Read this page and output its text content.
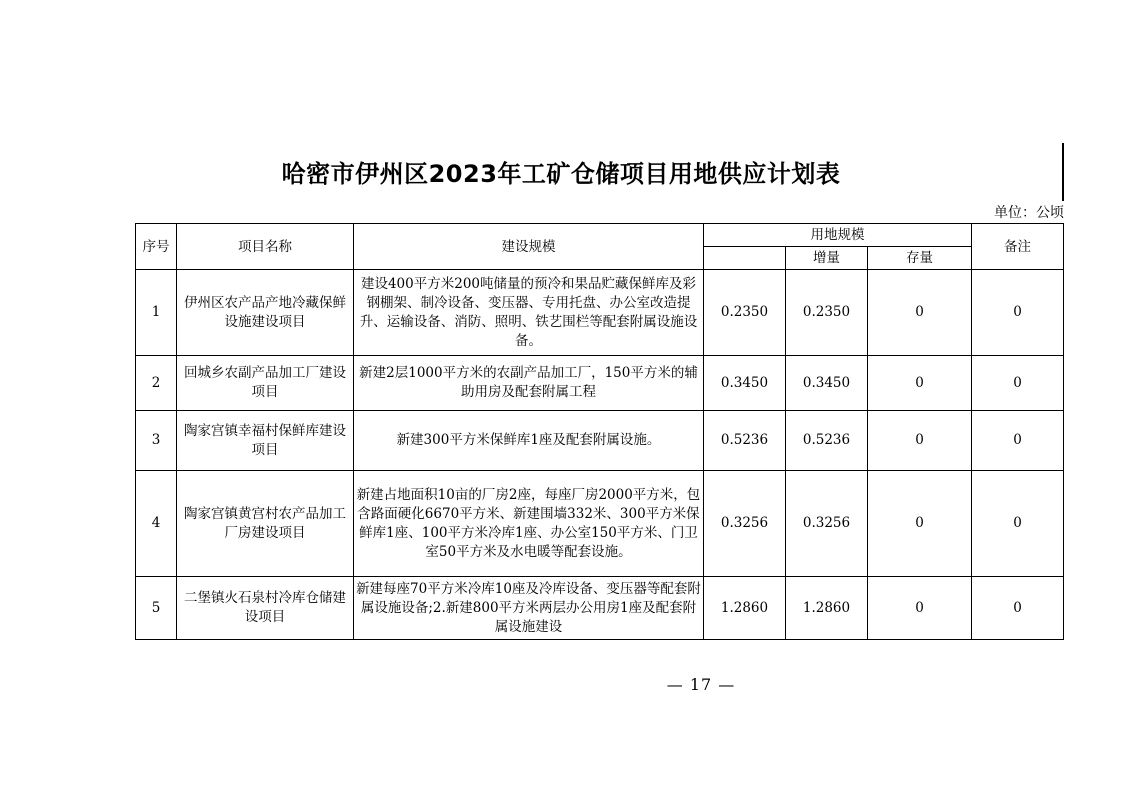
哈密市伊州区2023年工矿仓储项目用地供应计划表
单位：公顷
序号	项目名称	建设规模	用地规模			备注
				增量	存量	
1	伊州区农产品产地冷藏保鲜设施建设项目	建设400平方米200吨储量的预冷和果品贮藏保鲜库及彩钢棚架、制冷设备、变压器、专用托盘、办公室改造提升、运输设备、消防、照明、铁艺围栏等配套附属设施设备。	0.2350	0.2350	0	0
2	回城乡农副产品加工厂建设项目	新建2层1000平方米的农副产品加工厂，150平方米的辅助用房及配套附属工程	0.3450	0.3450	0	0
3	陶家宫镇幸福村保鲜库建设项目	新建300平方米保鲜库1座及配套附属设施。	0.5236	0.5236	0	0
4	陶家宫镇黄宫村农产品加工厂房建设项目	新建占地面积10亩的厂房2座，每座厂房2000平方米，包含路面硬化6670平方米、新建围墙332米、300平方米保鲜库1座、100平方米冷库1座、办公室150平方米、门卫室50平方米及水电暖等配套设施。	0.3256	0.3256	0	0
5	二堡镇火石泉村冷库仓储建设项目	新建每座70平方米冷库10座及冷库设备、变压器等配套附属设施设备;2.新建800平方米两层办公用房1座及配套附属设施建设	1.2860	1.2860	0	0
— 17 —
